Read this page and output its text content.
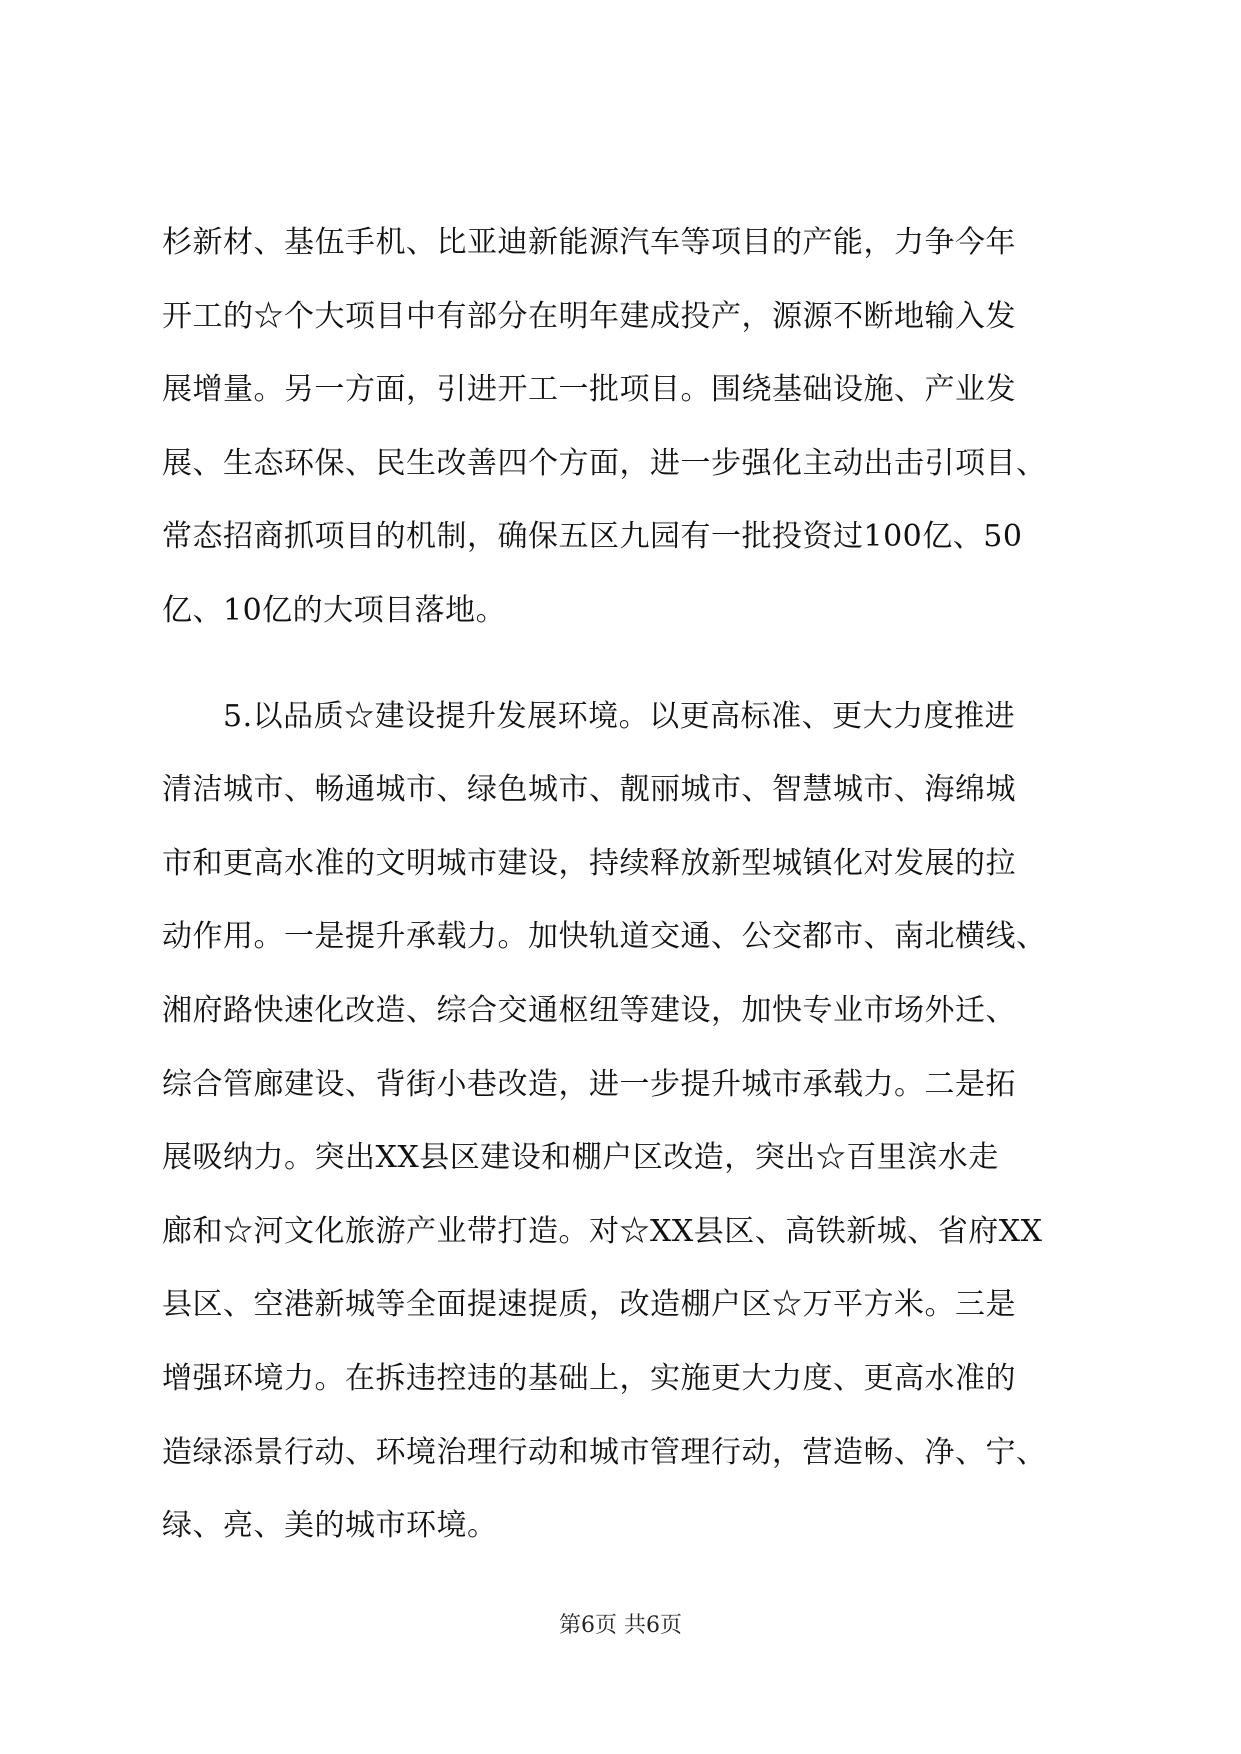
杉新材、基伍手机、比亚迪新能源汽车等项目的产能，力争今年
开工的☆个大项目中有部分在明年建成投产，源源不断地输入发
展增量。另一方面，引进开工一批项目。围绕基础设施、产业发
展、生态环保、民生改善四个方面，进一步强化主动出击引项目、
常态招商抓项目的机制，确保五区九园有一批投资过100亿、50
亿、10亿的大项目落地。
　　5.以品质☆建设提升发展环境。以更高标准、更大力度推进
清洁城市、畅通城市、绿色城市、靓丽城市、智慧城市、海绵城
市和更高水准的文明城市建设，持续释放新型城镇化对发展的拉
动作用。一是提升承载力。加快轨道交通、公交都市、南北横线、
湘府路快速化改造、综合交通枢纽等建设，加快专业市场外迁、
综合管廊建设、背街小巷改造，进一步提升城市承载力。二是拓
展吸纳力。突出XX县区建设和棚户区改造，突出☆百里滨水走
廊和☆河文化旅游产业带打造。对☆XX县区、高铁新城、省府XX
县区、空港新城等全面提速提质，改造棚户区☆万平方米。三是
增强环境力。在拆违控违的基础上，实施更大力度、更高水准的
造绿添景行动、环境治理行动和城市管理行动，营造畅、净、宁、
绿、亮、美的城市环境。
第6页 共6页
